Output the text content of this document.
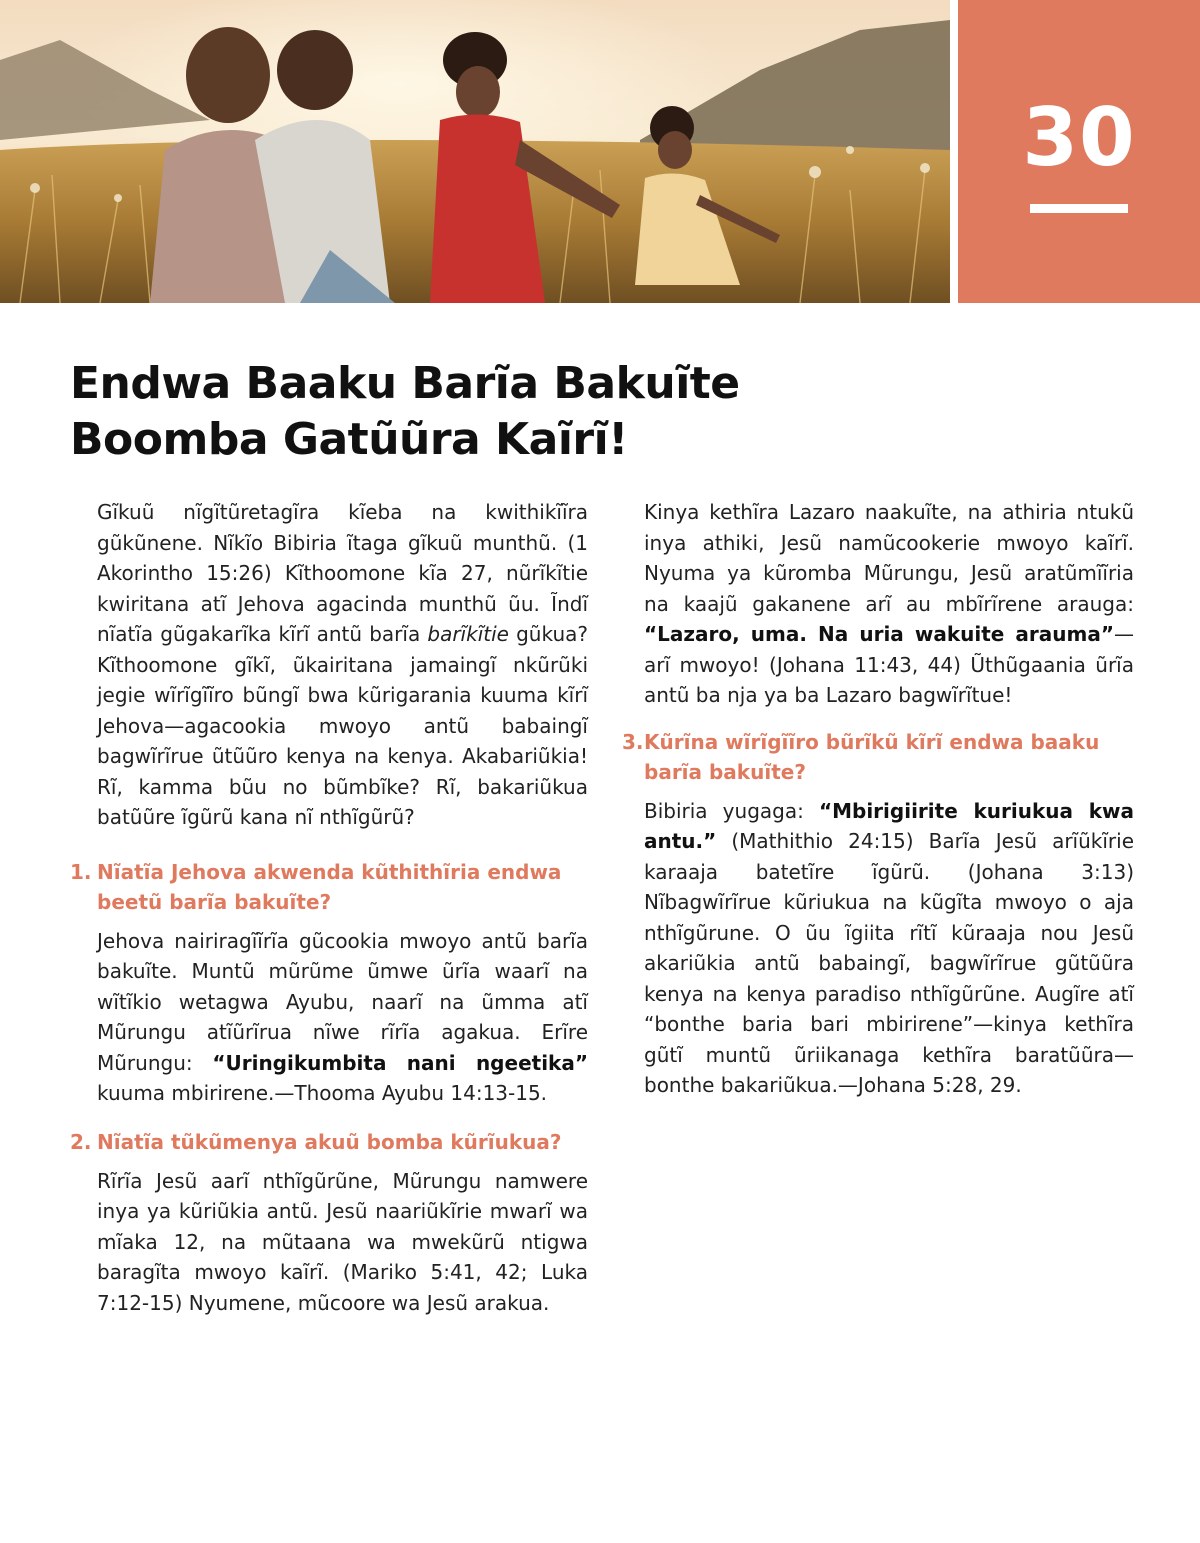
30
Endwa Baaku Barĩa Bakuĩte
Boomba Gatũũra Kaĩrĩ!

Gĩkuũ nĩgĩtũretagĩra kĩeba na kwithikĩĩra gũkũnene. Nĩkĩo Bibiria ĩtaga gĩkuũ munthũ. (1 Akorintho 15:26) Kĩthoomone kĩa 27, nũrĩkĩtie kwiritana atĩ Jehova agacinda munthũ ũu. Ĩndĩ nĩatĩa gũgakarĩka kĩrĩ antũ barĩa barĩkĩtie gũkua? Kĩthoomone gĩkĩ, ũkairitana jamaingĩ nkũrũki jegie wĩrĩgĩĩro bũngĩ bwa kũrigarania kuuma kĩrĩ Jehova—agacookia mwoyo antũ babaingĩ bagwĩrĩrue ũtũũro kenya na kenya. Akabariũkia! Rĩ, kamma bũu no bũmbĩke? Rĩ, bakariũkua batũũre ĩgũrũ kana nĩ nthĩgũrũ?

1. Nĩatĩa Jehova akwenda kũthithĩria endwa beetũ barĩa bakuĩte?

Jehova nairiragĩĩrĩa gũcookia mwoyo antũ barĩa bakuĩte. Muntũ mũrũme ũmwe ũrĩa waarĩ na wĩtĩkio wetagwa Ayubu, naarĩ na ũmma atĩ Mũrungu atĩũrĩrua nĩwe rĩrĩa agakua. Erĩre Mũrungu: “Uringikumbita nani ngeetika” kuuma mbirirene.—Thooma Ayubu 14:13-15.

2. Nĩatĩa tũkũmenya akuũ bomba kũrĩukua?

Rĩrĩa Jesũ aarĩ nthĩgũrũne, Mũrungu namwere inya ya kũriũkia antũ. Jesũ naariũkĩrie mwarĩ wa mĩaka 12, na mũtaana wa mwekũrũ ntigwa baragĩta mwoyo kaĩrĩ. (Mariko 5:41, 42; Luka 7:12-15) Nyumene, mũcoore wa Jesũ arakua.

Kinya kethĩra Lazaro naakuĩte, na athiria ntukũ inya athiki, Jesũ namũcookerie mwoyo kaĩrĩ. Nyuma ya kũromba Mũrungu, Jesũ aratũmĩĩria na kaajũ gakanene arĩ au mbĩrĩrene arauga: “Lazaro, uma. Na uria wakuite arauma”—arĩ mwoyo! (Johana 11:43, 44) Ũthũgaania ũrĩa antũ ba nja ya ba Lazaro bagwĩrĩtue!

3.Kũrĩna wĩrĩgĩĩro bũrĩkũ kĩrĩ endwa baaku barĩa bakuĩte?

Bibiria yugaga: “Mbirigiirite kuriukua kwa antu.” (Mathithio 24:15) Barĩa Jesũ arĩũkĩrie karaaja batetĩre ĩgũrũ. (Johana 3:13) Nĩbagwĩrĩrue kũriukua na kũgĩta mwoyo o aja nthĩgũrune. O ũu ĩgiita rĩtĩ kũraaja nou Jesũ akariũkia antũ babaingĩ, bagwĩrĩrue gũtũũra kenya na kenya paradiso nthĩgũrũne. Augĩre atĩ “bonthe baria bari mbirirene”—kinya kethĩra gũtĩ muntũ ũriikanaga kethĩra baratũũra—bonthe bakariũkua.—Johana 5:28, 29.
